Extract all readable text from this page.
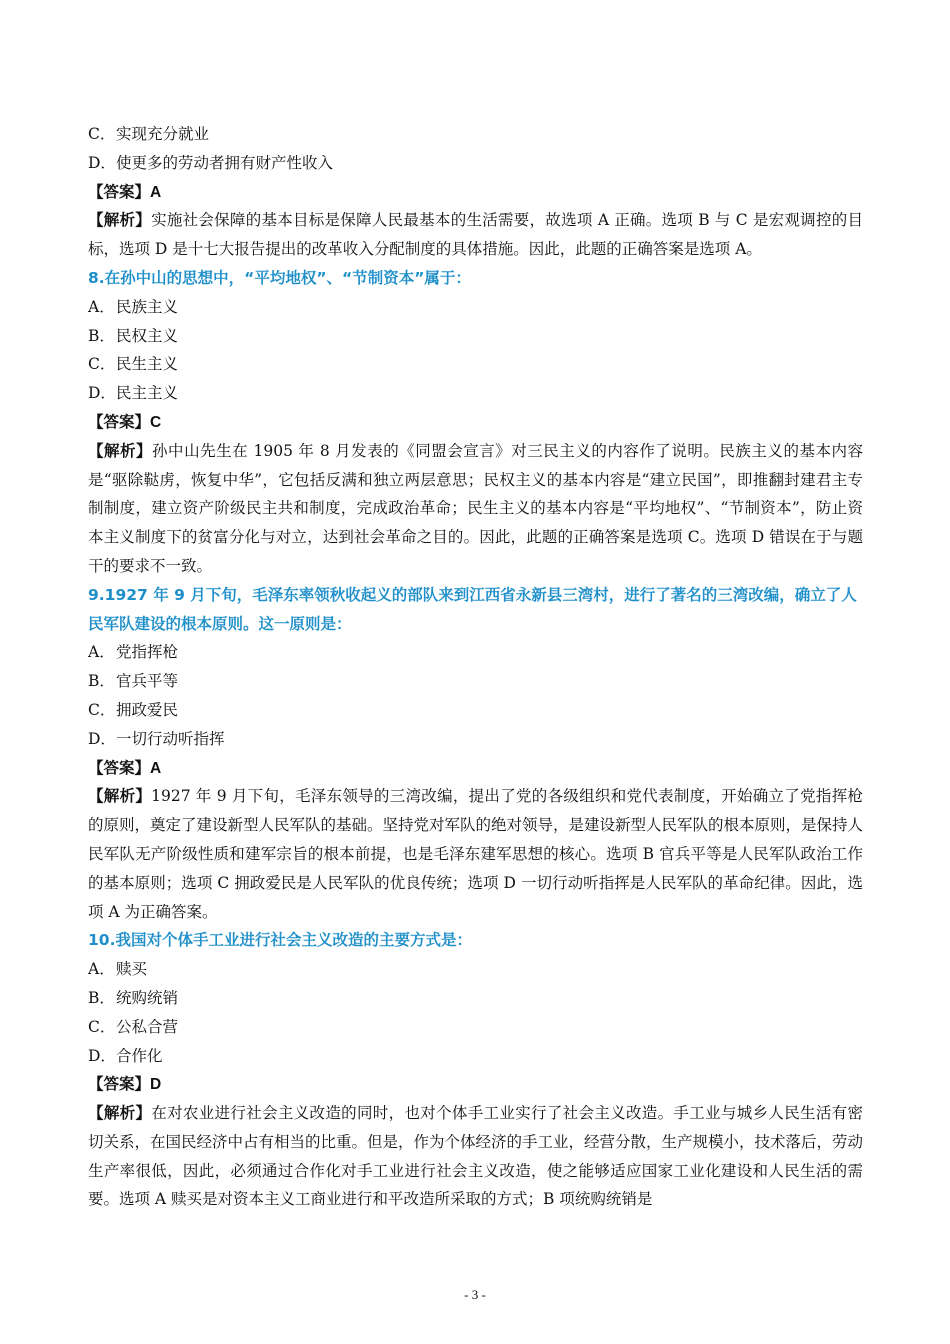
C．实现充分就业
D．使更多的劳动者拥有财产性收入
【答案】A
【解析】实施社会保障的基本目标是保障人民最基本的生活需要，故选项 A 正确。选项 B 与 C 是宏观调控的目标，选项 D 是十七大报告提出的改革收入分配制度的具体措施。因此，此题的正确答案是选项 A。
8.在孙中山的思想中，“平均地权”、“节制资本”属于：
A．民族主义
B．民权主义
C．民生主义
D．民主主义
【答案】C
【解析】孙中山先生在 1905 年 8 月发表的《同盟会宣言》对三民主义的内容作了说明。民族主义的基本内容是“驱除鞑虏，恢复中华”，它包括反满和独立两层意思；民权主义的基本内容是“建立民国”，即推翻封建君主专制制度，建立资产阶级民主共和制度，完成政治革命；民生主义的基本内容是“平均地权”、“节制资本”，防止资本主义制度下的贫富分化与对立，达到社会革命之目的。因此，此题的正确答案是选项 C。选项 D 错误在于与题干的要求不一致。
9.1927 年 9 月下旬，毛泽东率领秋收起义的部队来到江西省永新县三湾村，进行了著名的三湾改编，确立了人民军队建设的根本原则。这一原则是：
A．党指挥枪
B．官兵平等
C．拥政爱民
D．一切行动听指挥
【答案】A
【解析】1927 年 9 月下旬，毛泽东领导的三湾改编，提出了党的各级组织和党代表制度，开始确立了党指挥枪的原则，奠定了建设新型人民军队的基础。坚持党对军队的绝对领导，是建设新型人民军队的根本原则，是保持人民军队无产阶级性质和建军宗旨的根本前提，也是毛泽东建军思想的核心。选项 B 官兵平等是人民军队政治工作的基本原则；选项 C 拥政爱民是人民军队的优良传统；选项 D 一切行动听指挥是人民军队的革命纪律。因此，选项 A 为正确答案。
10.我国对个体手工业进行社会主义改造的主要方式是：
A．赎买
B．统购统销
C．公私合营
D．合作化
【答案】D
【解析】在对农业进行社会主义改造的同时，也对个体手工业实行了社会主义改造。手工业与城乡人民生活有密切关系，在国民经济中占有相当的比重。但是，作为个体经济的手工业，经营分散，生产规模小，技术落后，劳动生产率很低，因此，必须通过合作化对手工业进行社会主义改造，使之能够适应国家工业化建设和人民生活的需要。选项 A 赎买是对资本主义工商业进行和平改造所采取的方式；B 项统购统销是
- 3 -
